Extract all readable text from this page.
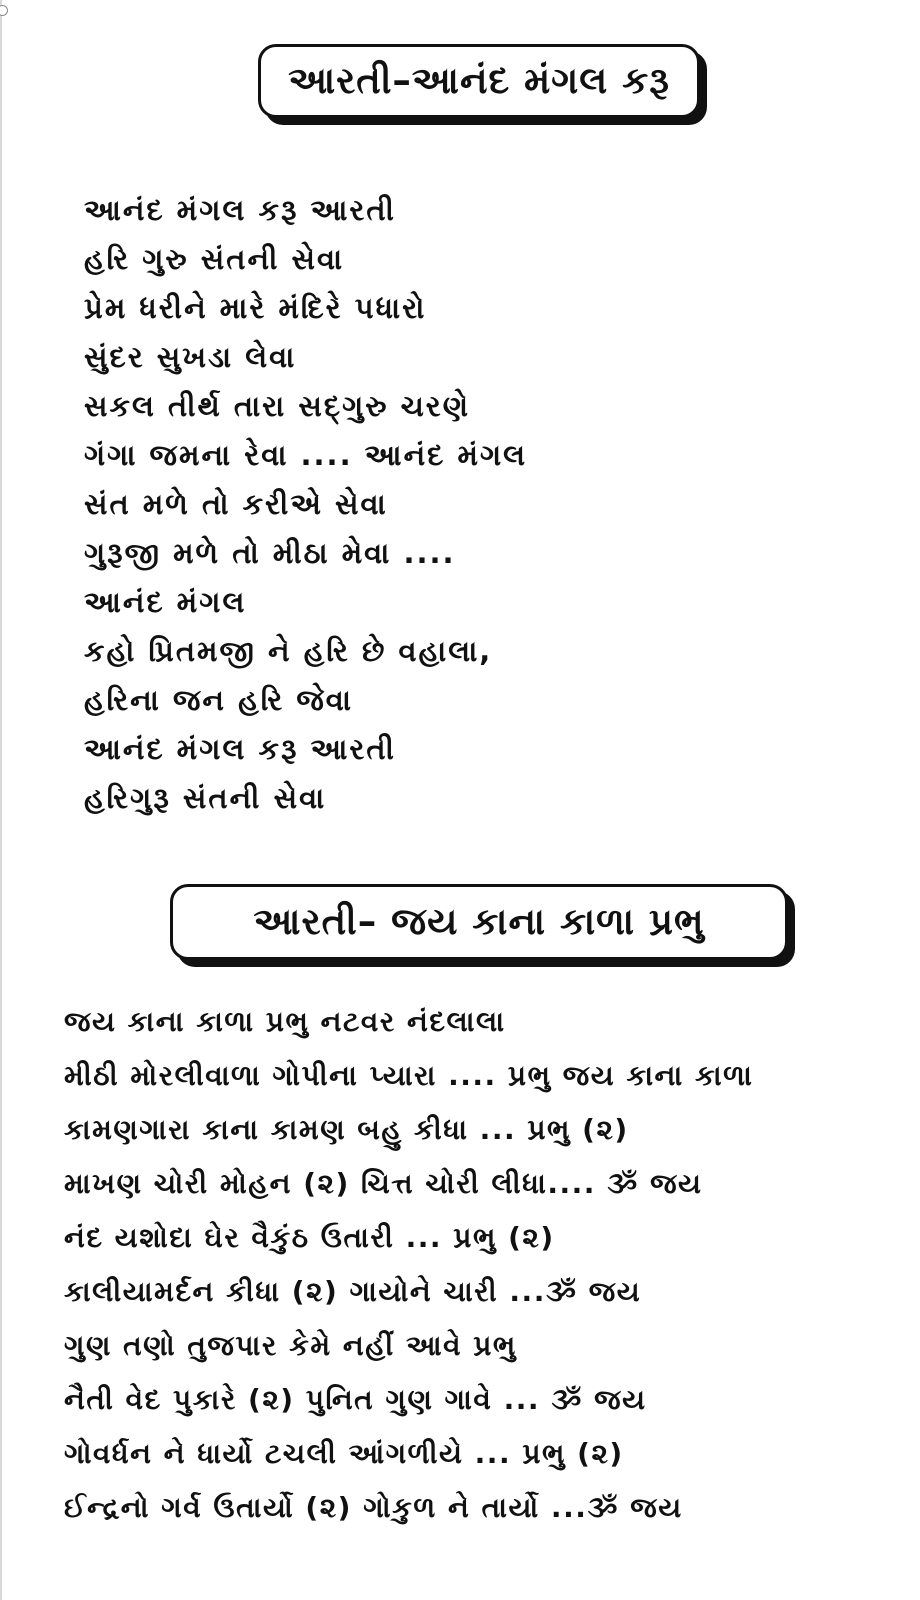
આરતી–આનંદ મંગલ કરૂ
આનંદ મંગલ કરૂ આરતી
હરિ ગુરુ સંતની સેવા
પ્રેમ ધરીને મારે મંદિરે પધારો
સુંદર સુખડા લેવા
સકલ તીર્થ તારા સદ્ગુરુ ચરણે
ગંગા જમના રેવા .... આનંદ મંગલ
સંત મળે તો કરીએ સેવા
ગુરૂજી મળે તો મીઠા મેવા ....
આનંદ મંગલ
કહો પ્રિતમજી ને હરિ છે વહાલા,
હરિના જન હરિ જેવા
આનંદ મંગલ કરૂ આરતી
હરિગુરૂ સંતની સેવા
આરતી– જય કાના કાળા પ્રભુ
જય કાના કાળા પ્રભુ નટવર નંદલાલા
મીઠી મોરલીવાળા ગોપીના પ્યારા .... પ્રભુ જય કાના કાળા
કામણગારા કાના કામણ બહુ કીધા ... પ્રભુ (૨)
માખણ ચોરી મોહન (૨) ચિત્ત ચોરી લીધા.... ૐ જય
નંદ યશોદા ઘેર વૈકુંઠ ઉતારી ... પ્રભુ (૨)
કાલીયામર્દન કીધા (૨) ગાયોને ચારી ...ૐ જય
ગુણ તણો તુજપાર કેમે નહીં આવે પ્રભુ
નૈતી વેદ પુકારે (૨) પુનિત ગુણ ગાવે ... ૐ જય
ગોવર્ધન ને ધાર્યો ટચલી આંગળીયે ... પ્રભુ (૨)
ઈન્દ્રનો ગર્વ ઉતાર્યો (૨) ગોકુળ ને તાર્યો ...ૐ જય
